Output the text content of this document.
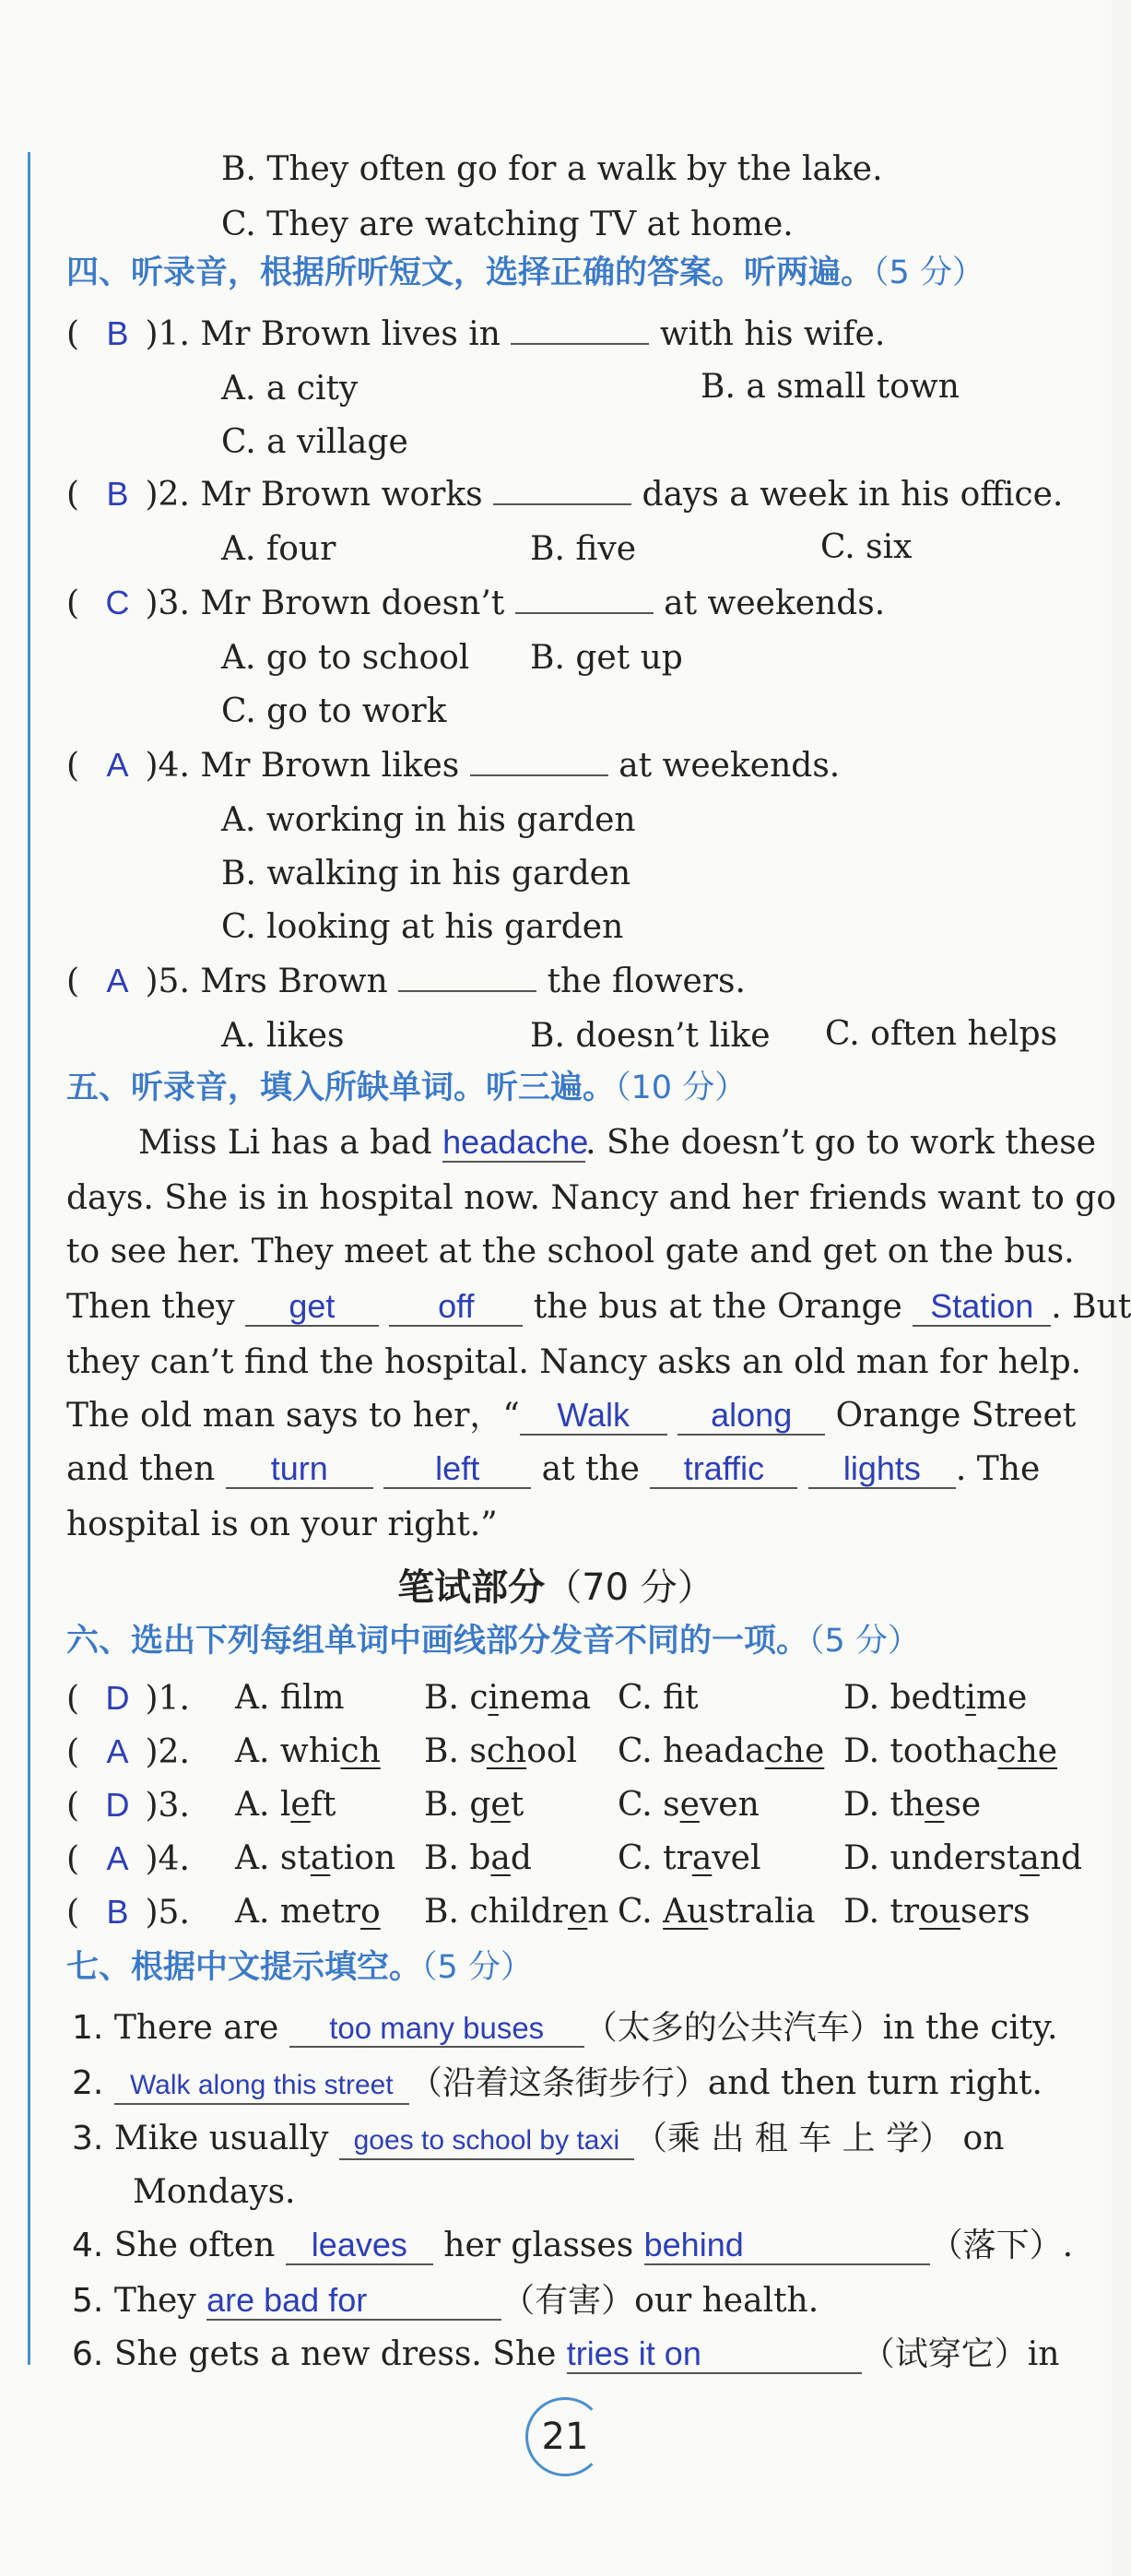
B. They often go for a walk by the lake.
C. They are watching TV at home.
四、听录音，根据所听短文，选择正确的答案。听两遍。（5 分）
( B )1. Mr Brown lives in	with his wife.
A. a city	B. a small town
C. a village
( B )2. Mr Brown works	days a week in his office.
A. four	B. five	C. six
( C )3. Mr Brown doesn’t	at weekends.
A. go to school B. get up
C. go to work
( A )4. Mr Brown likes	at weekends.
A. working in his garden
B. walking in his garden
C. looking at his garden
( A )5. Mrs Brown	the flowers.
A. likes	B. doesn’t like C. often helps
五、听录音，填入所缺单词。听三遍。（10 分）
Miss Li has a bad headache. She doesn’t go to work these
days. She is in hospital now. Nancy and her friends want to go
to see her. They meet at the school gate and get on the bus.
Then they get	off the bus at the Orange Station . But
they can’t find the hospital. Nancy asks an old man for help.
The old man says to her，“ Walk along Orange Street
and then turn	left at the traffic lights . The
hospital is on your right.”
笔试部分（70 分）
六、选出下列每组单词中画线部分发音不同的一项。（5 分）
( D )1. A. flm B. cinema C. ft	D. bedtime
( A )2. A. which B. school C. headache D. toothache
( D )3. A. left	B. get	C. seven	D. these
( A )4. A. station B. bad	C. travel D. understand
( B )5. A. metro B. children C. Australia D. trousers
七、根据中文提示填空。（5 分）
1. There are too many buses （太多的公共汽车）in the city.
2. Walk along this street （沿着这条街步行）and then turn right.
3. Mike usually goes to school by taxi （乘 出 租 车 上 学） on
Mondays.
4. She often leaves her glasses behind	（落下）.
5. They are bad for	（有害）our health.
6. She gets a new dress. She tries it on	（试穿它）in
21
